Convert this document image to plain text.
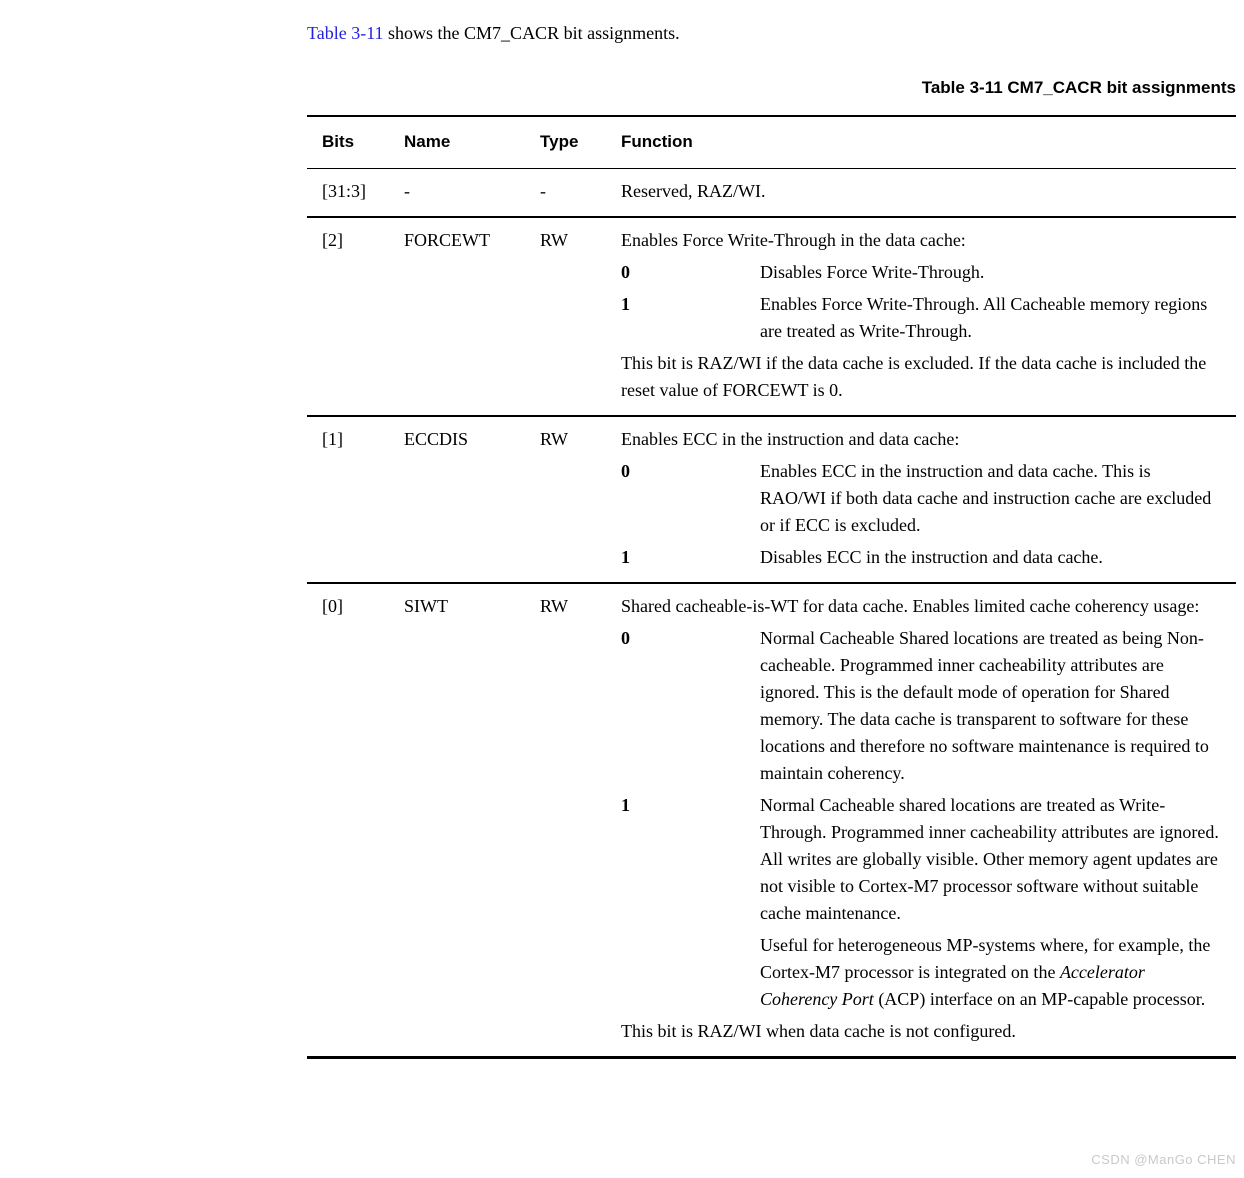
Table 3-11 shows the CM7_CACR bit assignments.

Table 3-11 CM7_CACR bit assignments
Bits	Name	Type	Function
[31:3]	-	-	Reserved, RAZ/WI.

[2]	FORCEWT	RW	Enables Force Write-Through in the data cache:
0	Disables Force Write-Through.
1	Enables Force Write-Through. All Cacheable memory regions are treated as Write-Through.
This bit is RAZ/WI if the data cache is excluded. If the data cache is included the reset value of FORCEWT is 0.

[1]	ECCDIS	RW	Enables ECC in the instruction and data cache:
0 Enables ECC in the instruction and data cache. This is RAO/WI if both data cache and instruction cache are excluded or if ECC is excluded.
1 Disables ECC in the instruction and data cache.

[0]	SIWT	RW	Shared cacheable-is-WT for data cache. Enables limited cache coherency usage:
0	Normal Cacheable Shared locations are treated as being Non-cacheable. Programmed inner cacheability attributes are ignored. This is the default mode of operation for Shared memory. The data cache is transparent to software for these locations and therefore no software maintenance is required to maintain coherency.
1	Normal Cacheable shared locations are treated as Write-Through. Programmed inner cacheability attributes are ignored. All writes are globally visible. Other memory agent updates are not visible to Cortex-M7 processor software without suitable cache maintenance.
Useful for heterogeneous MP-systems where, for example, the Cortex-M7 processor is integrated on the Accelerator Coherency Port (ACP) interface on an MP-capable processor.
This bit is RAZ/WI when data cache is not configured.
CSDN @ManGo CHEN
